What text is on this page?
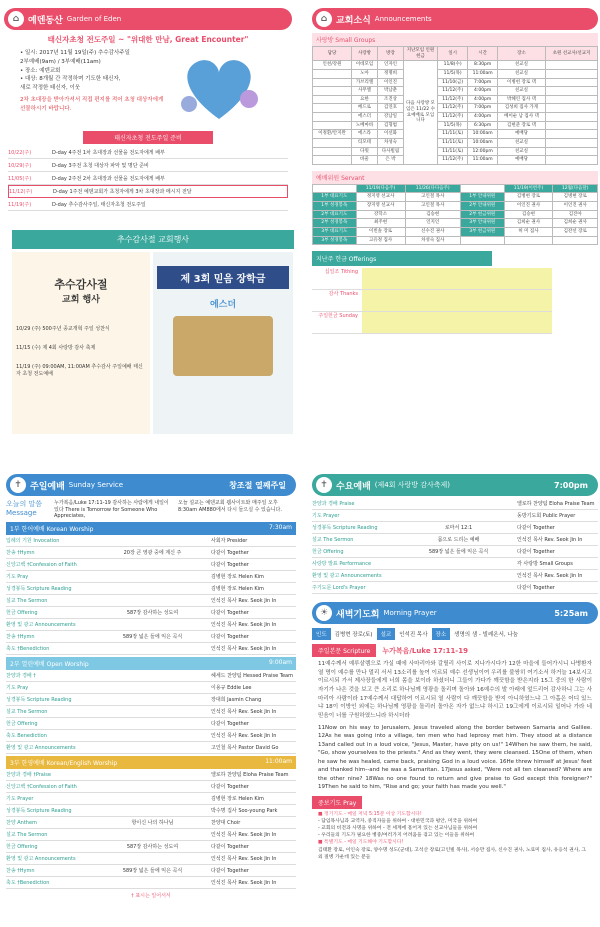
⌂ 예덴동산 Garden of Eden
태신자초청 전도주일 ~ "위대한 만남, Great Encounter"
• 일시: 2017년 11월 19일(주) 추수감사주일
2부예배(9am) / 3부예배(11am)
• 장소: 예덴교회
• 대상: 8개월 간 작정하며 기도한 태신자,
새로 작정한 태신자, 이웃
2차 초대장을 받아가셔서 직접 편지를 적어 초청 대상자에게 선물하시기 바랍니다.
태신자초청 전도주일 준비
10/22(주)	D-day 4주전 1차 초대장과 선물을 전도자에게 배부
10/29(주)	D-day 3주전 초청 대상자 파악 및 명단 준비
11/05(주)	D-day 2주전 2차 초대장과 선물을 전도자에게 배부
11/12(주)	D-day 1주전 예덴교회가 초청자에게 3차 초대장과 메시지 전달
11/19(주)	D-day 추수감사주일, 태신자초청 전도주일
추수감사절 교회행사
추수감사절
교회 행사
10/29 (주) 500주년 종교개혁 주일 성찬식
11/15 (수) 제 4회 사랑방 감사 축제
11/19 (주) 09:00AM, 11:00AM 추수감사 주일예배 태신자 초청 전도예배
제 3회 믿음 장학금
에스더
⌂ 교회소식 Announcements
사랑방 Small Groups
담당	사랑방	방장	지난모임 인원 헌금	일시	시간	장소	초원 선교사/선교지
인천/강원	이데모임	인자인	다음 사랑방 모임은 11/22 수요예배로 모입니다	11/8(수)	8:30pm	친교실	
	노아	정명희		11/5(목)	11:00am	친교실	
	가브리엘	이인진		11/10(금)	7:00pm	이병헌 장로 댁	
	사무엘	박남춘		11/12(주)	4:00pm	친교실	
	요한	조진상		11/12(주)	4:00pm	박혜린 집사 댁	
	베드로	김연호		11/12(주)	7:00pm	김성희 집사 가게	
	에스더	강남일		11/12(주)	4:00pm	베이순 남 집사 댁	
	노베마바	김형범		11/5(목)	6:30pm	김현준 장로 댁	
이정환/안지완	에스라	이선화		11/11(토)	10:00am	예배당	
	티모테	차성숙		11/11(토)	10:00am	친교실	
	다윗	다사빌림		11/11(토)	12:00pm	친교실	
	바울	은 박		11/12(주)	11:00am	예배당	
예배위원 Servant
	11/19(다음주)	11/26(다다음주)		11/19(이번주)	12월(다음달)
1부 대표기도	정지영 선교사	고인철 목사	1부 안내위원	김병현 장로	김병현 장로
1부 성경봉독	장지영 선교사	고인철 목사	2부 안내위원	이인진 권사	이인진 권사
2부 대표기도	강학소	김승현	2부 헌금위원	김승현	김진아
2부 성경봉독	최주현	인지인	3부 안내위원	김희순 권사	김희순 권사
3부 대표기도	이빈솔 장로	신수진 권사	3부 헌금위원	허 미 집사	김잔선 장로
3부 성경봉독	고유정 집사	차성숙 집사			
지난주 헌금 Offerings
십일조 Tithing
감사 Thanks
주일헌금 Sunday
✝ 주일예배 Sunday Service	창조절 열째주일
오늘의 말씀
Message
누가복음/Luke 17:11-19 감사하는 사람에게 내일이 있다 There is Tomorrow for Someone Who Appreciates,
오늘 설교는 예덴교회 웹사이트와 매주일 오후8:30am AM880에서 다시 들으실 수 있습니다.
1부 한어예배 Korean Worship	7:30am
입례의 기원 Invocation	사회자 Presider
찬송 †Hymn	20장 큰 영광 중에 계신 주	다같이 Together
신앙고백 †Confession of Faith	다같이 Together
기도 Pray	김병현 장로 Helen Kim
성경봉독 Scripture Reading	김병현 장로 Helen Kim
설교 The Sermon	인석진 목사 Rev. Seok Jin In
헌금 Offering	587장 감사하는 성도여	다같이 Together
환영 및 광고 Announcements	인석진 목사 Rev. Seok Jin In
찬송 †Hymn	589장 넓은 들에 익은 곡식	다같이 Together
축도 †Benediction	인석진 목사 Rev. Seok Jin In
2부 열린예배 Open Worship	9:00am
찬양과 경배 †	헤세드 찬양팀 Hessed Praise Team
기도 Pray	이용규 Eddie Lee
성경봉독 Scripture Reading	장대희 Jasmin Chang
설교 The Sermon	인석진 목사 Rev. Seok Jin In
헌금 Offering	다같이 Together
축도 Benediction	인석진 목사 Rev. Seok Jin In
환영 및 광고 Announcements	고인철 목사 Pastor David Go
3부 한영예배 Korean/English Worship	11:00am
찬양과 경배 †Praise	엘로하 찬양팀 Eloha Praise Team
신앙고백 †Confession of Faith	다같이 Together
기도 Prayer	김병현 장로 Helen Kim
성경봉독 Scripture Reading	박수명 집사 Soo-young Park
찬양 Anthem	항이신 나의 하나님	찬양대 Choir
설교 The Sermon	인석진 목사 Rev. Seok Jin In
헌금 Offering	587장 감사하는 성도여	다같이 Together
환영 및 광고 Announcements	인석진 목사 Rev. Seok Jin In
찬송 †Hymn	589장 넓은 들에 익은 곡식	다같이 Together
축도 †Benediction	인석진 목사 Rev. Seok Jin In
† 표시는 일어서서
✝ 수요예배 (제4회 사랑방 감사축제)	7:00pm
찬양과 경배 Praise	엘로하 찬양팀 Eloha Praise Team
기도 Prayer	동방기도회 Public Prayer
성경봉독 Scripture Reading	로마서 12:1	다같이 Together
설교 The Sermon	몸으로 드리는 예배	인석진 목사 Rev. Seok Jin In
헌금 Offering	589장 넓은 들에 익은 곡식	다같이 Together
사랑방 발표 Performance	각 사랑방 Small Groups
환영 및 광고 Announcements	인석진 목사 Rev. Seok Jin In
주기도문 Lord's Prayer	다같이 Together
☀ 새벽기도회 Morning Prayer	5:25am
인도	김병현 장로(토)	설교	인석진 목사	장소	생명의 샘 - 빌레온서, 나눔
주일본문 Scripture	누가복음/Luke 17:11-19
11예수께서 예루살렘으로 가실 때에 사마리아와 갈릴리 사이로 지나가시다가 12한 마을에 들어가시니 나병환자 열 명이 예수를 만나 멀리 서서 13소리를 높여 이르되 예수 선생님이여 우리를 불쌍히 여기소서 하거늘 14보시고 이르시되 가서 제사장들에게 너희 몸을 보이라 하셨더니 그들이 가다가 깨끗함을 받은지라 15그 중의 한 사람이 자기가 나은 것을 보고 큰 소리로 하나님께 영광을 돌리며 돌아와 16예수의 발 아래에 엎드리어 감사하니 그는 사마리아 사람이라 17예수께서 대답하여 이르시되 열 사람이 다 깨끗함을 받지 아니하였느냐 그 아홉은 어디 있느냐 18이 이방인 외에는 하나님께 영광을 돌리러 돌아온 자가 없느냐 하시고 19그에게 이르시되 일어나 가라 네 믿음이 너를 구원하였느니라 하시더라
11Now on his way to Jerusalem, Jesus traveled along the border between Samaria and Galilee. 12As he was going into a village, ten men who had leprosy met him. They stood at a distance 13and called out in a loud voice, "Jesus, Master, have pity on us!" 14When he saw them, he said, "Go, show yourselves to the priests." And as they went, they were cleansed. 15One of them, when he saw he was healed, came back, praising God in a loud voice. 16He threw himself at Jesus' feet and thanked him--and he was a Samaritan. 17Jesus asked, "Were not all ten cleansed? Where are the other nine? 18Was no one found to return and give praise to God except this foreigner?" 19Then he said to him, "Rise and go; your faith has made you well."
중보기도 Pray
■ 정기기도 - 매일 저녁 5:15분 이상 기도합시다!
- 담임목사님과 교역자, 중직자들을 위하여 - 대한민국과 평안, 미국을 위하여
- 교회의 비전과 사명을 위하여 - 전 세계에 흩어져 있는 선교사님들을 위하여
- 우리들의 기도가 필요한 병중/여러가지 어려움을 겪고 있는 이들을 위하여
■ 특별기도 - 매일 기도해야 기도합시다!
김태환 장로, 이인숙 장로, 양수명 성도(군대), 고석산 장로(고인빌 목사), 서승만 집사, 신수진 권사, 노료미 집사, 유응석 권사, 그 외 질병 가운데 있는 분들
